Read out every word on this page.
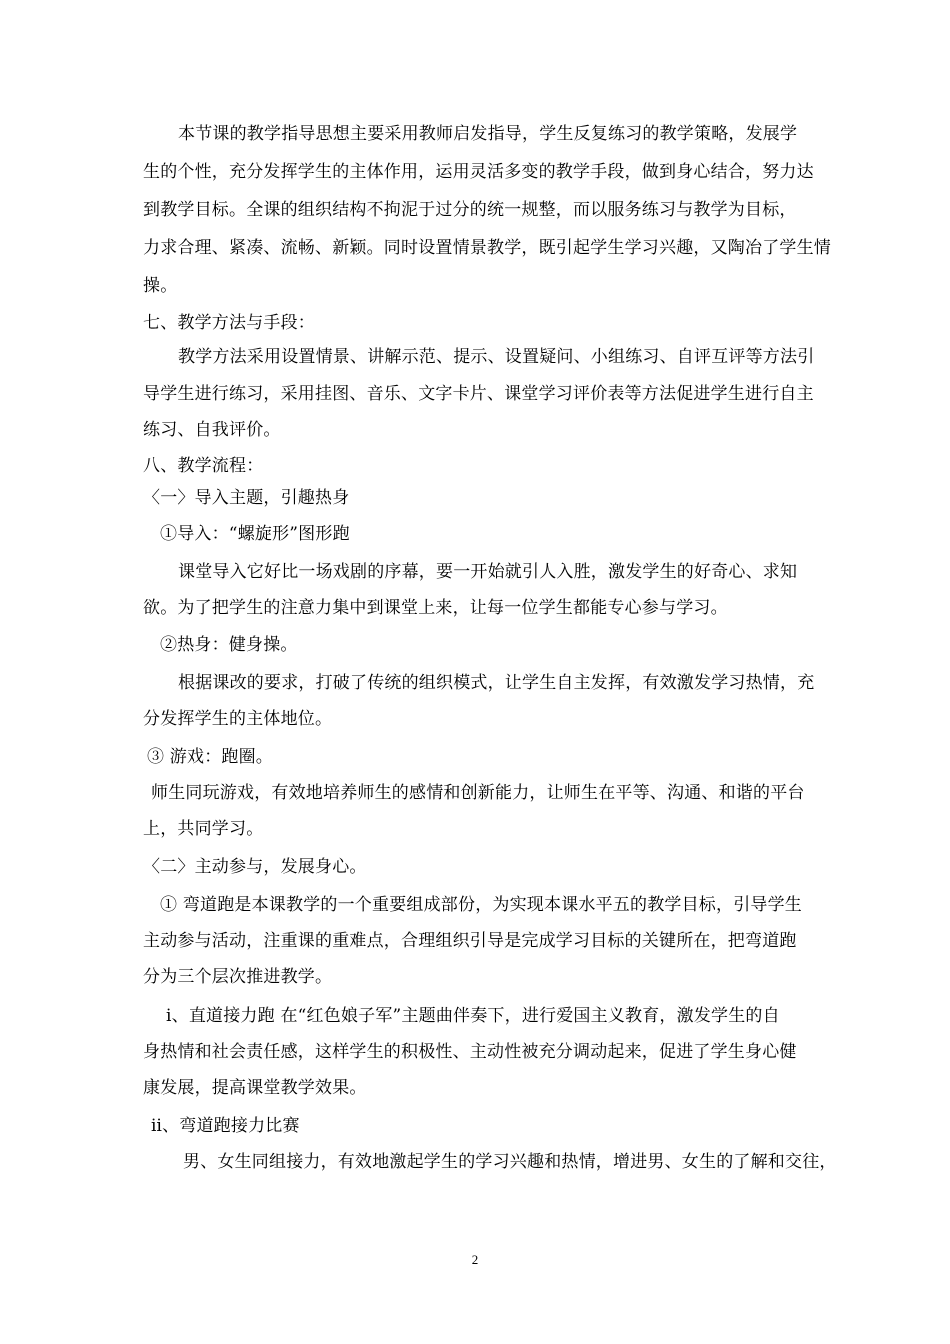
本节课的教学指导思想主要采用教师启发指导，学生反复练习的教学策略，发展学
生的个性，充分发挥学生的主体作用，运用灵活多变的教学手段，做到身心结合，努力达
到教学目标。全课的组织结构不拘泥于过分的统一规整，而以服务练习与教学为目标，
力求合理、紧凑、流畅、新颖。同时设置情景教学，既引起学生学习兴趣，又陶冶了学生情
操。
七、教学方法与手段：
教学方法采用设置情景、讲解示范、提示、设置疑问、小组练习、自评互评等方法引
导学生进行练习，采用挂图、音乐、文字卡片、课堂学习评价表等方法促进学生进行自主
练习、自我评价。
八、教学流程：
〈一〉导入主题，引趣热身
①导入：“螺旋形”图形跑
课堂导入它好比一场戏剧的序幕，要一开始就引人入胜，激发学生的好奇心、求知
欲。为了把学生的注意力集中到课堂上来，让每一位学生都能专心参与学习。
②热身：健身操。
根据课改的要求，打破了传统的组织模式，让学生自主发挥，有效激发学习热情，充
分发挥学生的主体地位。
③ 游戏：跑圈。
师生同玩游戏，有效地培养师生的感情和创新能力，让师生在平等、沟通、和谐的平台
上，共同学习。
〈二〉主动参与，发展身心。
① 弯道跑是本课教学的一个重要组成部份，为实现本课水平五的教学目标，引导学生
主动参与活动，注重课的重难点，合理组织引导是完成学习目标的关键所在，把弯道跑
分为三个层次推进教学。
ⅰ、直道接力跑 在“红色娘子军”主题曲伴奏下，进行爱国主义教育，激发学生的自
身热情和社会责任感，这样学生的积极性、主动性被充分调动起来，促进了学生身心健
康发展，提高课堂教学效果。
ⅱ、弯道跑接力比赛
男、女生同组接力，有效地激起学生的学习兴趣和热情，增进男、女生的了解和交往，
2
